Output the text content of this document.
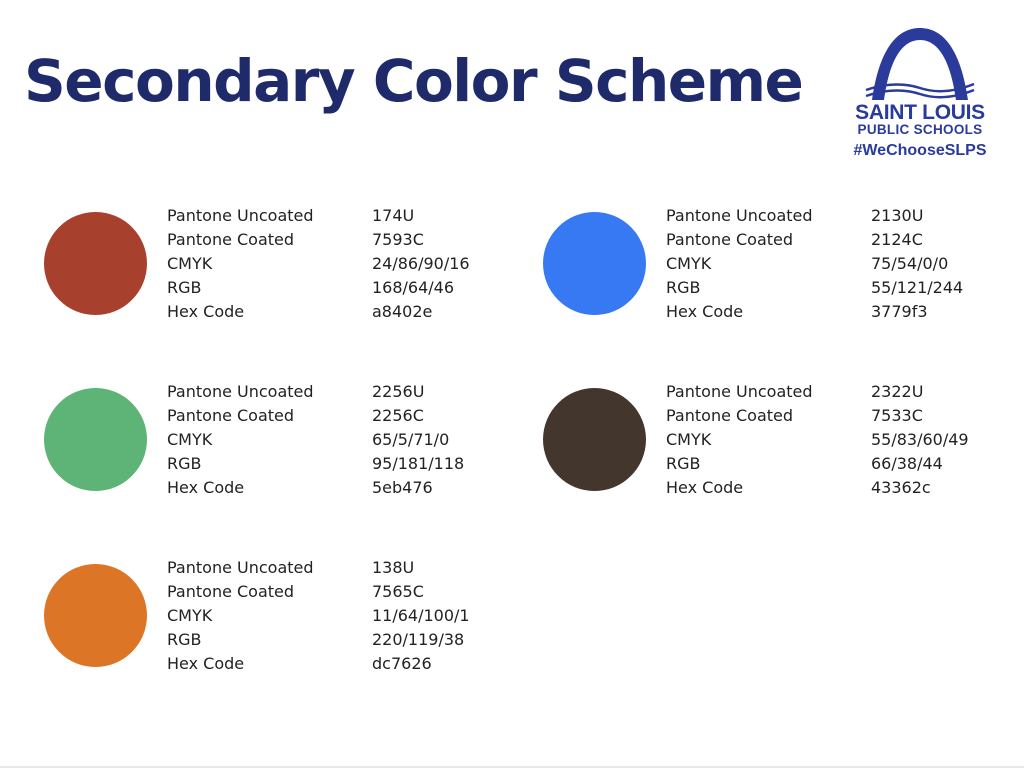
Secondary Color Scheme	SAINT LOUIS
PUBLIC SCHOOLS
#WeChooseSLPS
Pantone Uncoated	174U
Pantone Coated	7593C
CMYK	24/86/90/16
RGB	168/64/46
Hex Code	a8402e
Pantone Uncoated	2130U
Pantone Coated	2124C
CMYK	75/54/0/0
RGB	55/121/244
Hex Code	3779f3
Pantone Uncoated	2256U
Pantone Coated	2256C
CMYK	65/5/71/0
RGB	95/181/118
Hex Code	5eb476
Pantone Uncoated	2322U
Pantone Coated	7533C
CMYK	55/83/60/49
RGB	66/38/44
Hex Code	43362c
Pantone Uncoated	138U
Pantone Coated	7565C
CMYK	11/64/100/1
RGB	220/119/38
Hex Code	dc7626
